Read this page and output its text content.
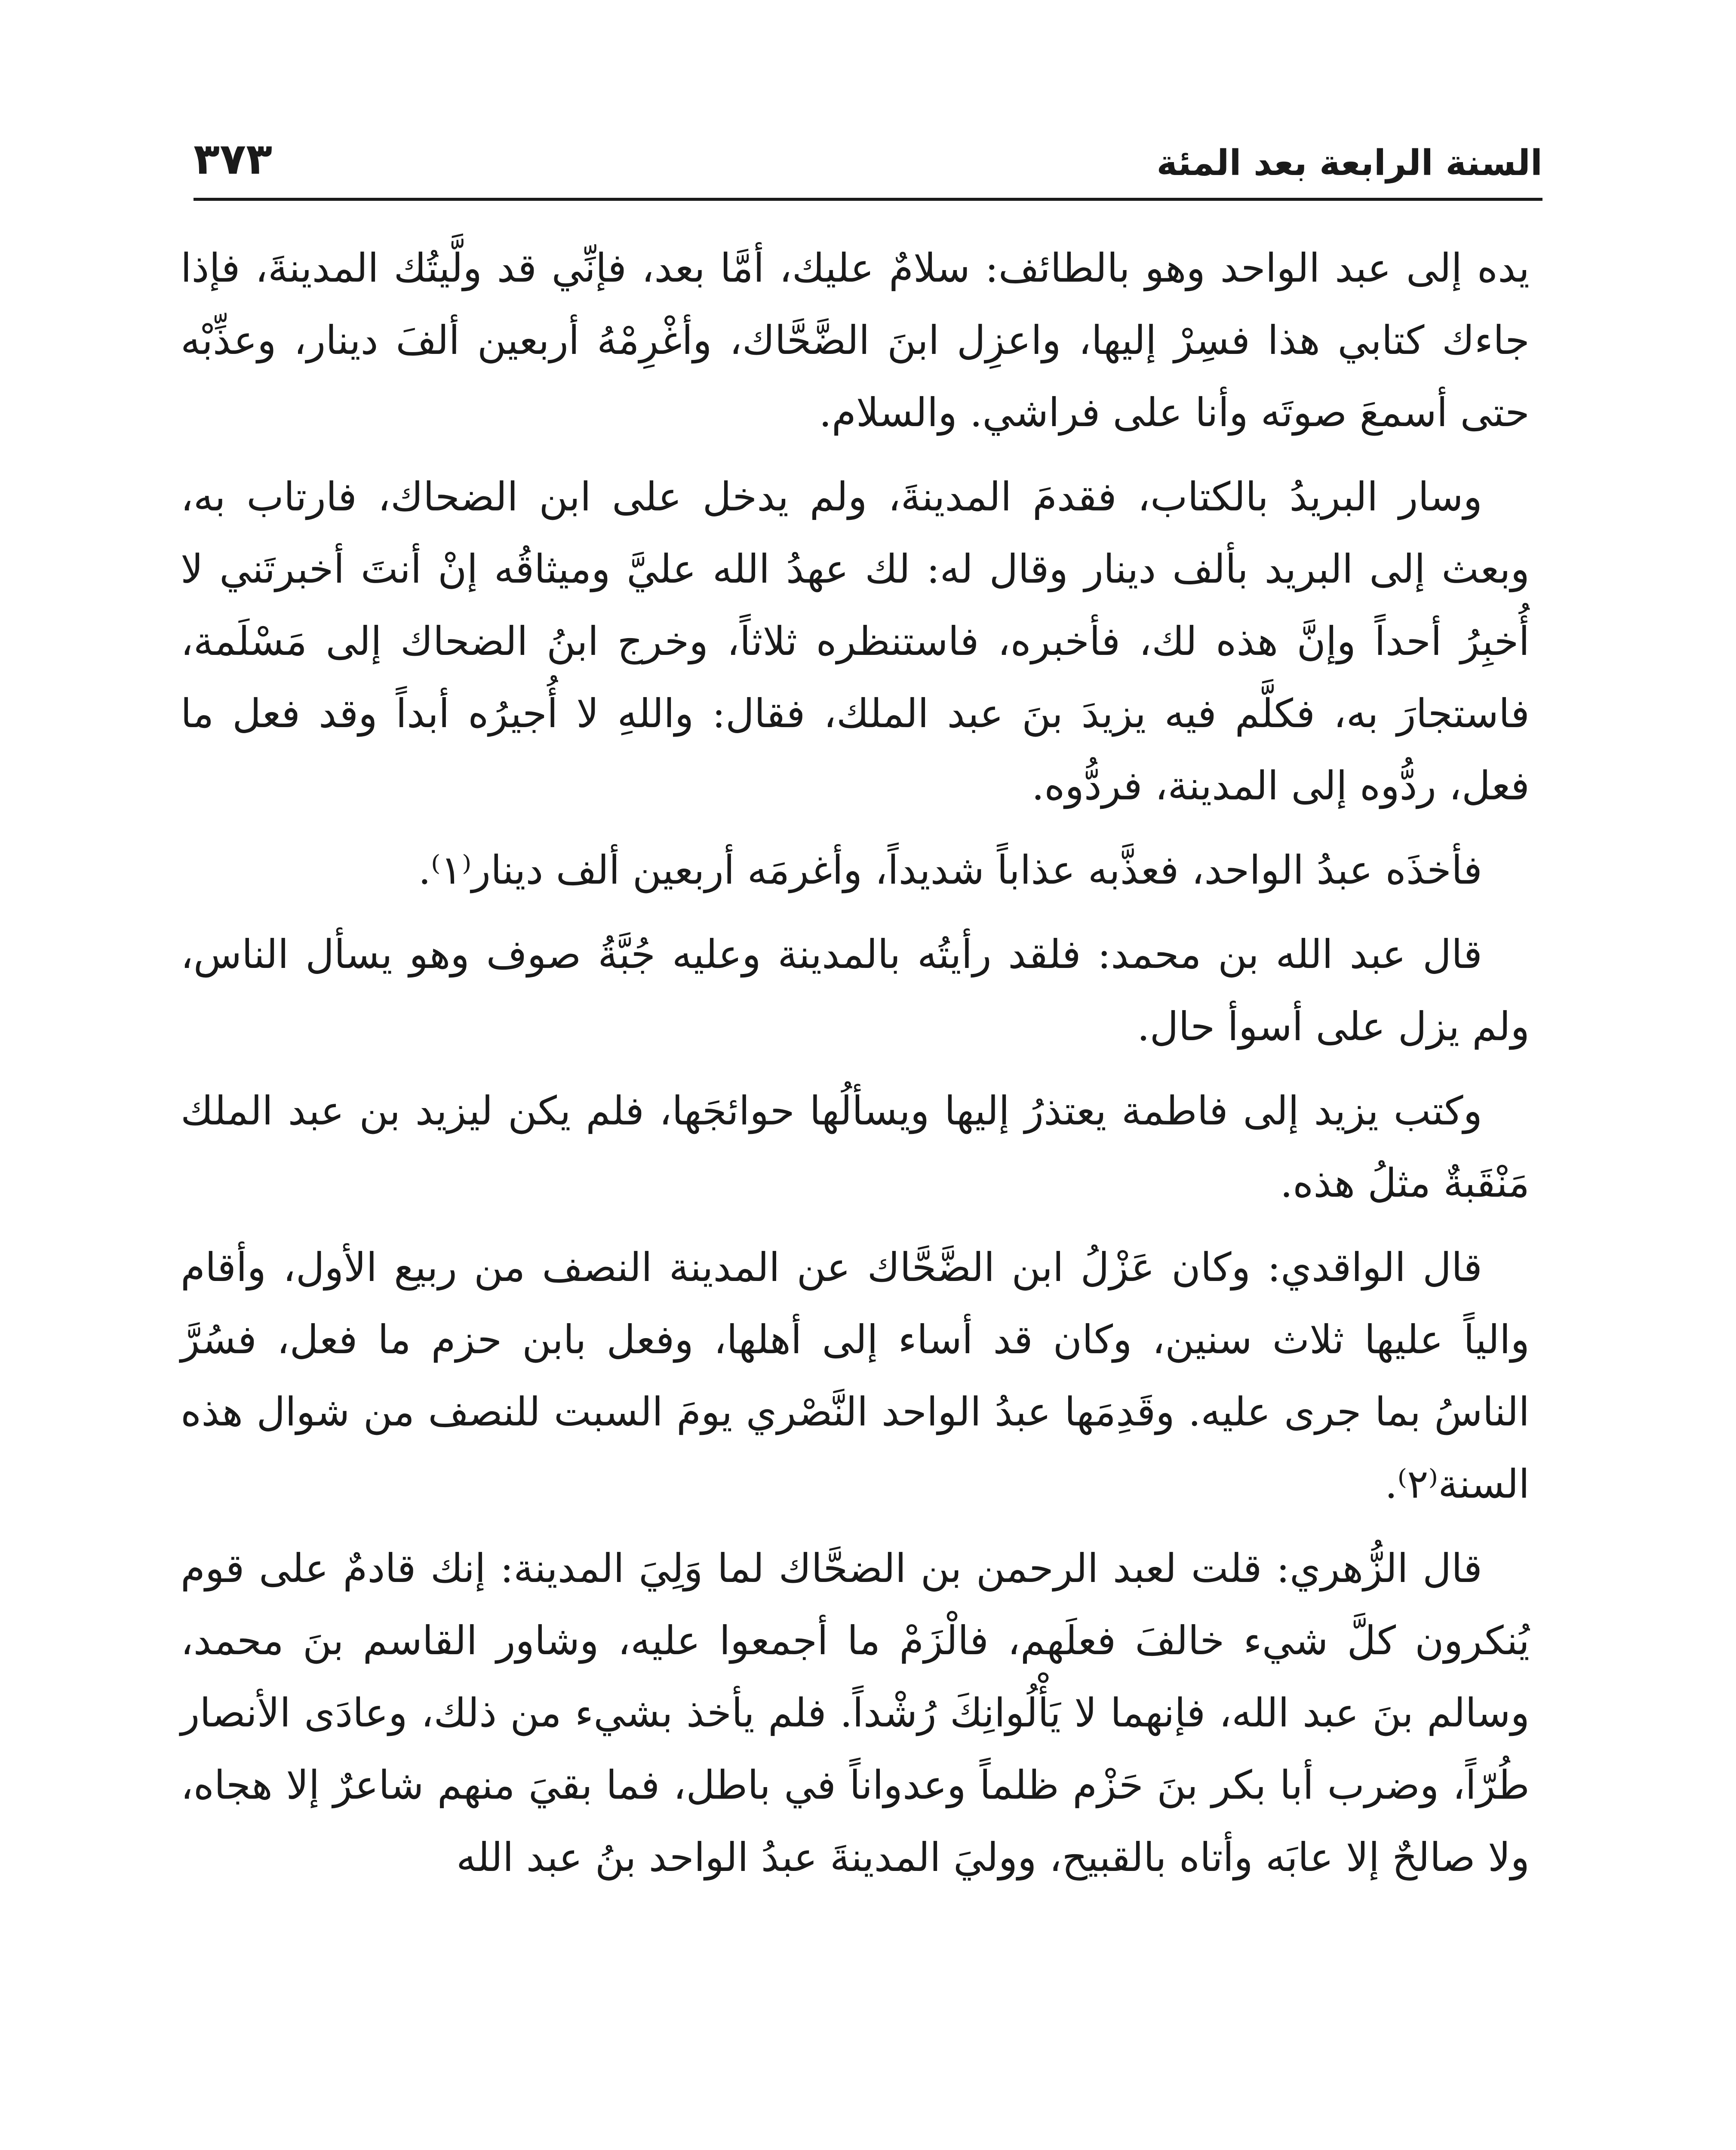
السنة الرابعة بعد المئة
٣٧٣

يده إلى عبد الواحد وهو بالطائف: سلامٌ عليك، أمَّا بعد، فإنِّي قد ولَّيتُك المدينةَ، فإذا جاءك كتابي هذا فسِرْ إليها، واعزِل ابنَ الضَّحَّاك، وأغْرِمْهُ أربعين ألفَ دينار، وعذِّبْه حتى أسمعَ صوتَه وأنا على فراشي. والسلام.

وسار البريدُ بالكتاب، فقدمَ المدينةَ، ولم يدخل على ابن الضحاك، فارتاب به، وبعث إلى البريد بألف دينار وقال له: لك عهدُ الله عليَّ وميثاقُه إنْ أنتَ أخبرتَني لا أُخبِرُ أحداً وإنَّ هذه لك، فأخبره، فاستنظره ثلاثاً، وخرج ابنُ الضحاك إلى مَسْلَمة، فاستجارَ به، فكلَّم فيه يزيدَ بنَ عبد الملك، فقال: واللهِ لا أُجيرُه أبداً وقد فعل ما فعل، ردُّوه إلى المدينة، فردُّوه.

فأخذَه عبدُ الواحد، فعذَّبه عذاباً شديداً، وأغرمَه أربعين ألف دينار⁽١⁾.

قال عبد الله بن محمد: فلقد رأيتُه بالمدينة وعليه جُبَّةُ صوف وهو يسأل الناس، ولم يزل على أسوأ حال.

وكتب يزيد إلى فاطمة يعتذرُ إليها ويسألُها حوائجَها، فلم يكن ليزيد بن عبد الملك مَنْقَبةٌ مثلُ هذه.

قال الواقدي: وكان عَزْلُ ابن الضَّحَّاك عن المدينة النصف من ربيع الأول، وأقام والياً عليها ثلاث سنين، وكان قد أساء إلى أهلها، وفعل بابن حزم ما فعل، فسُرَّ الناسُ بما جرى عليه. وقَدِمَها عبدُ الواحد النَّصْري يومَ السبت للنصف من شوال هذه السنة⁽٢⁾.

قال الزُّهري: قلت لعبد الرحمن بن الضحَّاك لما وَلِيَ المدينة: إنك قادمٌ على قوم يُنكرون كلَّ شيء خالفَ فعلَهم، فالْزَمْ ما أجمعوا عليه، وشاور القاسم بنَ محمد، وسالم بنَ عبد الله، فإنهما لا يَأْلُوانِكَ رُشْداً. فلم يأخذ بشيء من ذلك، وعادَى الأنصار طُرّاً، وضرب أبا بكر بنَ حَزْم ظلماً وعدواناً في باطل، فما بقيَ منهم شاعرٌ إلا هجاه، ولا صالحٌ إلا عابَه وأتاه بالقبيح، ووليَ المدينةَ عبدُ الواحد بنُ عبد الله
